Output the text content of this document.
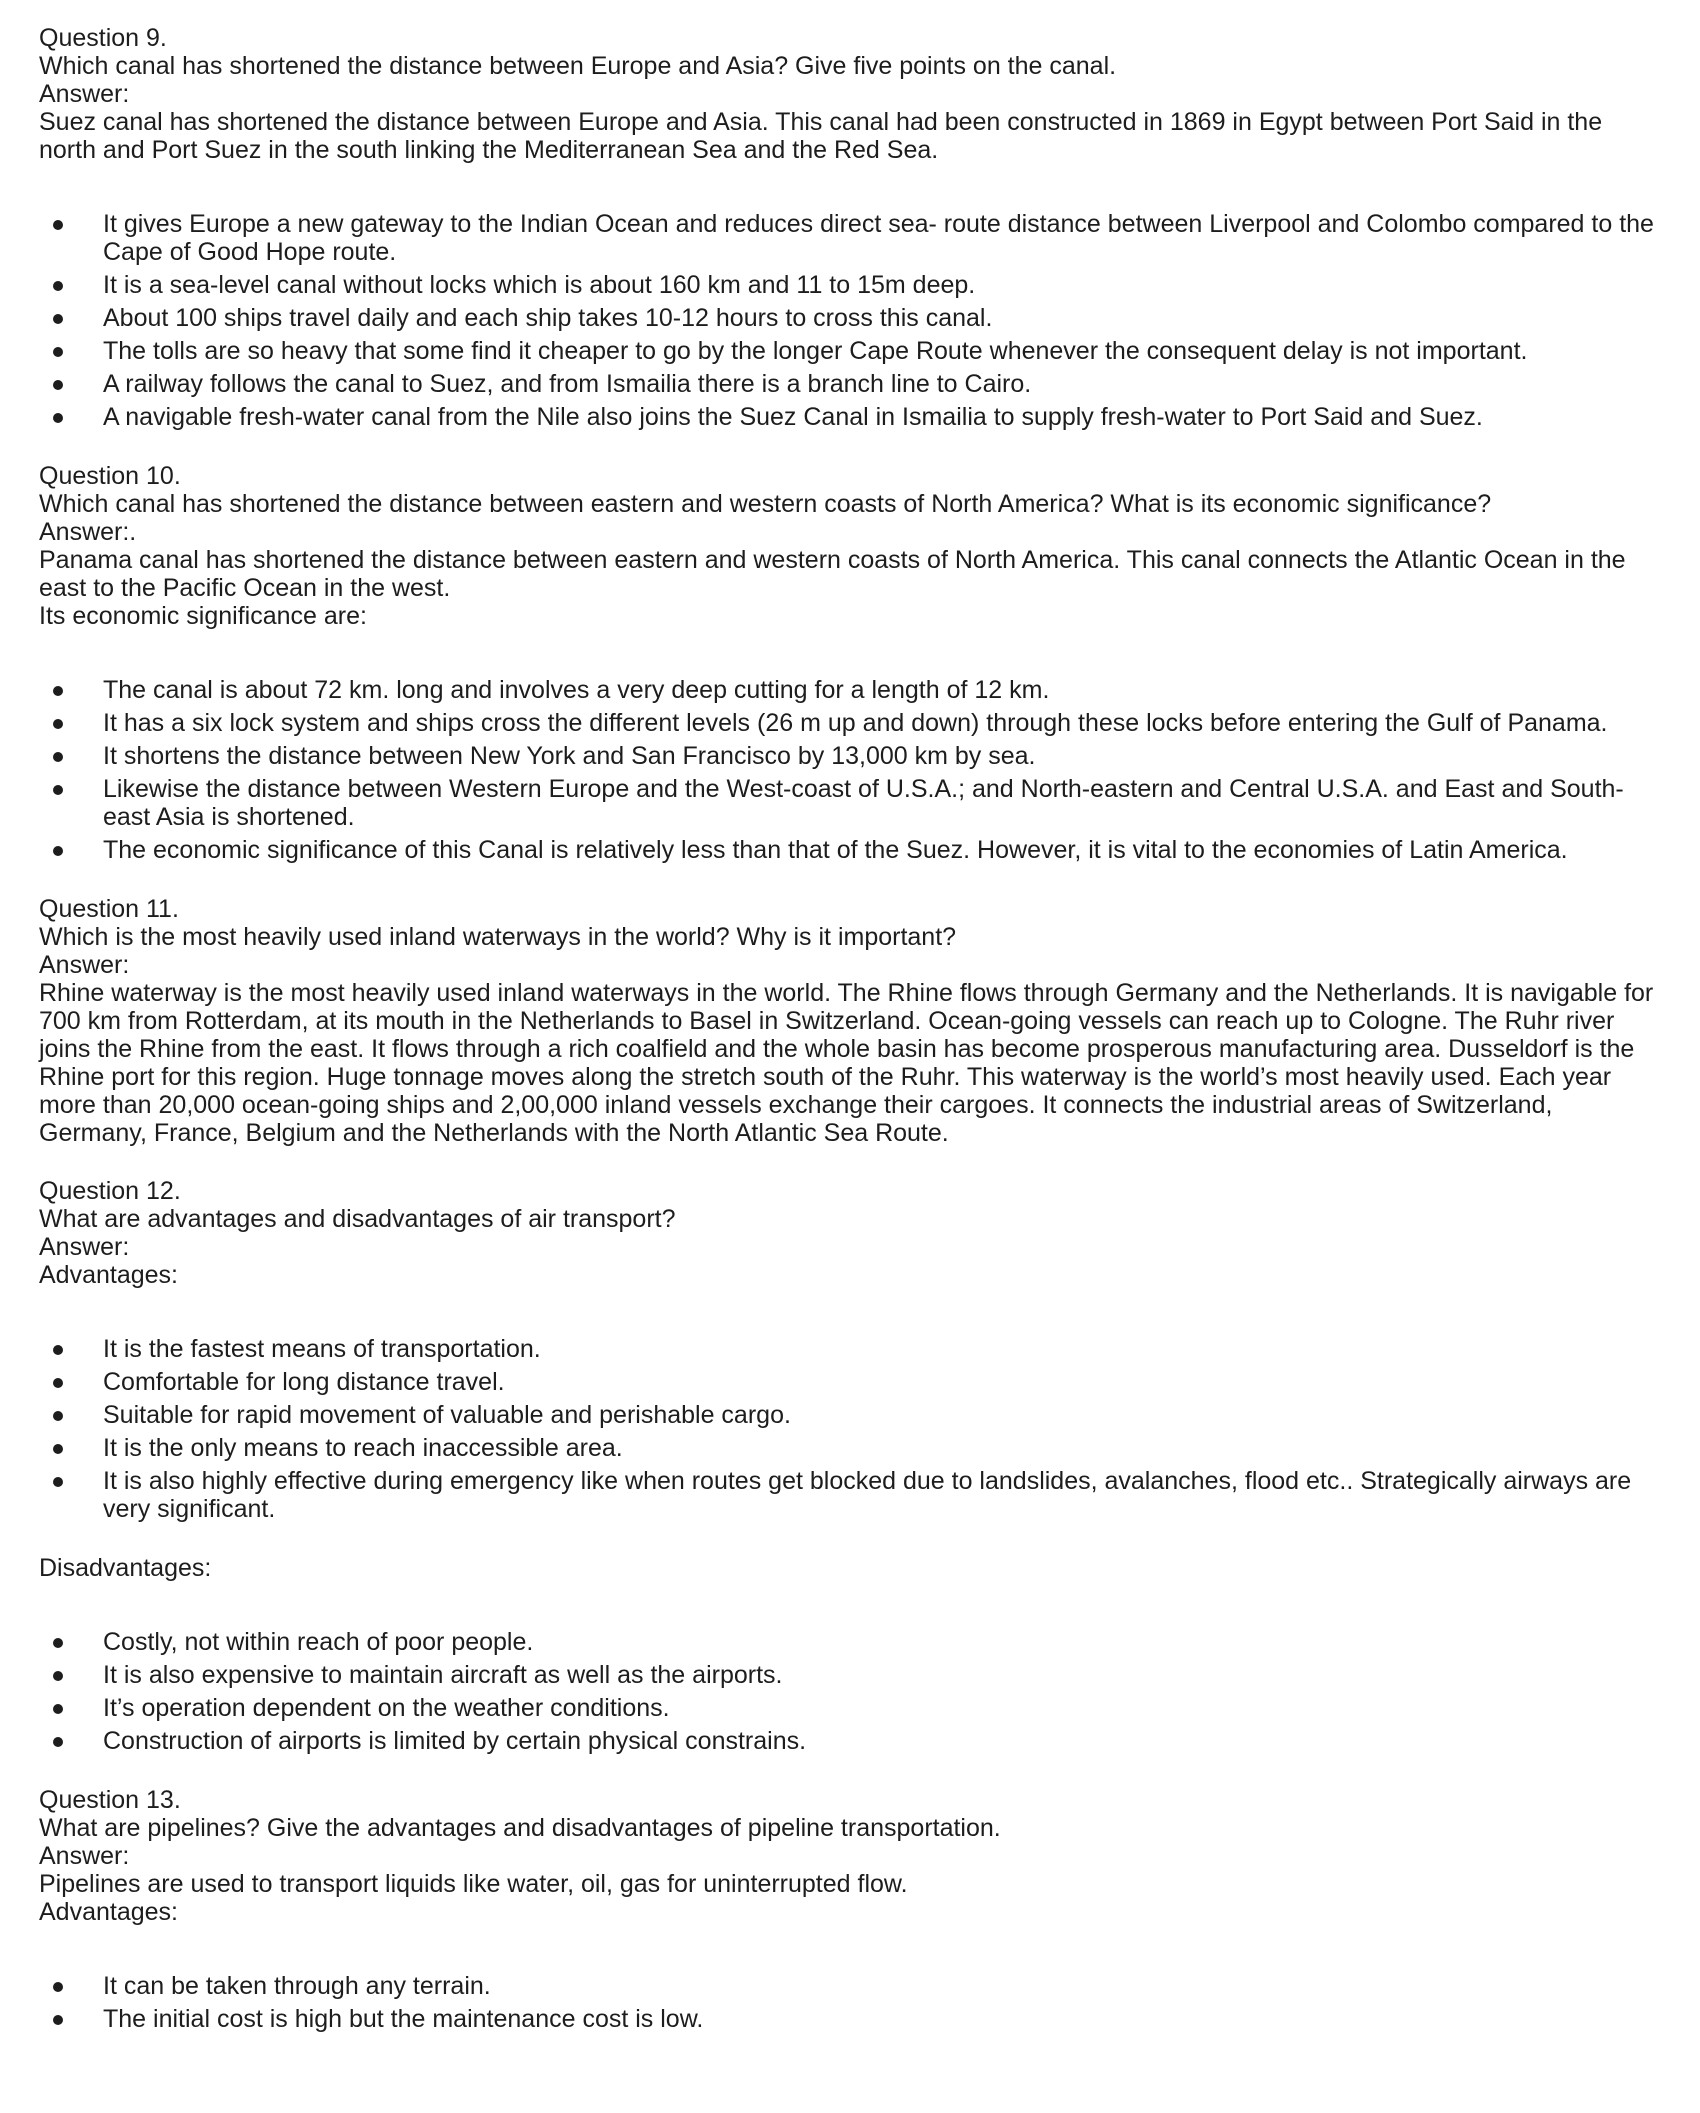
Question 9.
Which canal has shortened the distance between Europe and Asia? Give five points on the canal.
Answer:

Suez canal has shortened the distance between Europe and Asia. This canal had been constructed in 1869 in Egypt between Port Said in the north and Port Suez in the south linking the Mediterranean Sea and the Red Sea.

It gives Europe a new gateway to the Indian Ocean and reduces direct sea- route distance between Liverpool and Colombo compared to the Cape of Good Hope route.
It is a sea-level canal without locks which is about 160 km and 11 to 15m deep.
About 100 ships travel daily and each ship takes 10-12 hours to cross this canal.
The tolls are so heavy that some find it cheaper to go by the longer Cape Route whenever the consequent delay is not important.
A railway follows the canal to Suez, and from Ismailia there is a branch line to Cairo.
A navigable fresh-water canal from the Nile also joins the Suez Canal in Ismailia to supply fresh-water to Port Said and Suez.
Question 10.
Which canal has shortened the distance between eastern and western coasts of North America? What is its economic significance?
Answer:.

Panama canal has shortened the distance between eastern and western coasts of North America. This canal connects the Atlantic Ocean in the east to the Pacific Ocean in the west.

Its economic significance are:

The canal is about 72 km. long and involves a very deep cutting for a length of 12 km.
It has a six lock system and ships cross the different levels (26 m up and down) through these locks before entering the Gulf of Panama.
It shortens the distance between New York and San Francisco by 13,000 km by sea.
Likewise the distance between Western Europe and the West-coast of U.S.A.; and North-eastern and Central U.S.A. and East and South-east Asia is shortened.
The economic significance of this Canal is relatively less than that of the Suez. However, it is vital to the economies of Latin America.
Question 11.
Which is the most heavily used inland waterways in the world? Why is it important?
Answer:

Rhine waterway is the most heavily used inland waterways in the world. The Rhine flows through Germany and the Netherlands. It is navigable for 700 km from Rotterdam, at its mouth in the Netherlands to Basel in Switzerland. Ocean-going vessels can reach up to Cologne. The Ruhr river joins the Rhine from the east. It flows through a rich coalfield and the whole basin has become prosperous manufacturing area. Dusseldorf is the Rhine port for this region. Huge tonnage moves along the stretch south of the Ruhr. This waterway is the world’s most heavily used. Each year more than 20,000 ocean-going ships and 2,00,000 inland vessels exchange their cargoes. It connects the industrial areas of Switzerland, Germany, France, Belgium and the Netherlands with the North Atlantic Sea Route.

Question 12.
What are advantages and disadvantages of air transport?
Answer:
Advantages:
It is the fastest means of transportation.
Comfortable for long distance travel.
Suitable for rapid movement of valuable and perishable cargo.
It is the only means to reach inaccessible area.
It is also highly effective during emergency like when routes get blocked due to landslides, avalanches, flood etc.. Strategically airways are very significant.
Disadvantages:
Costly, not within reach of poor people.
It is also expensive to maintain aircraft as well as the airports.
It’s operation dependent on the weather conditions.
Construction of airports is limited by certain physical constrains.
Question 13.
What are pipelines? Give the advantages and disadvantages of pipeline transportation.
Answer:

Pipelines are used to transport liquids like water, oil, gas for uninterrupted flow.

Advantages:
It can be taken through any terrain.
The initial cost is high but the maintenance cost is low.
